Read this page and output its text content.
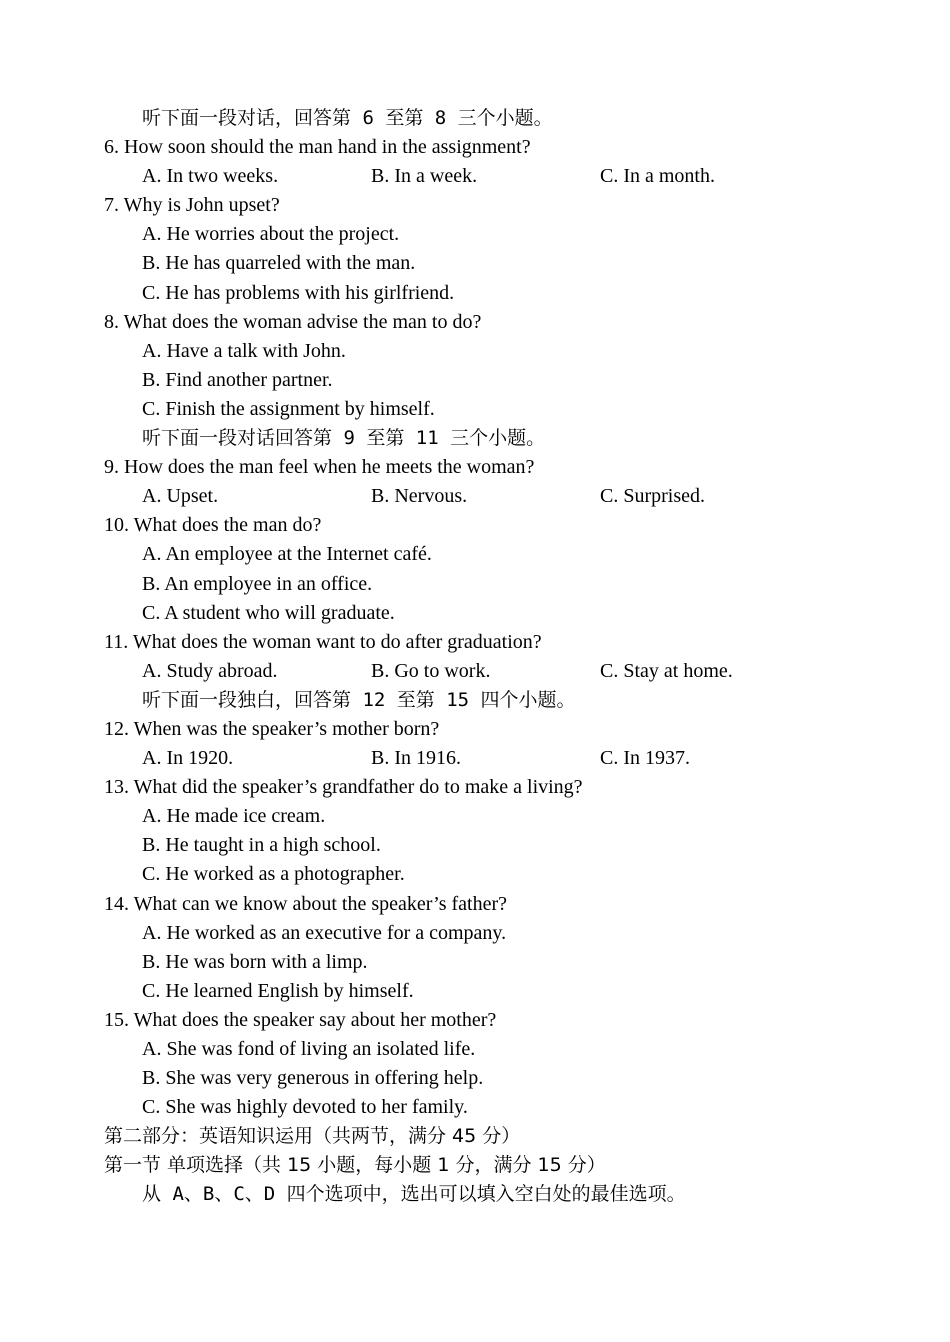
听下面一段对话，回答第 6 至第 8 三个小题。
6. How soon should the man hand in the assignment?
A. In two weeks.	B. In a week.	C. In a month.
7. Why is John upset?
A. He worries about the project.
B. He has quarreled with the man.
C. He has problems with his girlfriend.
8. What does the woman advise the man to do?
A. Have a talk with John.
B. Find another partner.
C. Finish the assignment by himself.
听下面一段对话回答第 9 至第 11 三个小题。
9. How does the man feel when he meets the woman?
A. Upset.	B. Nervous.	C. Surprised.
10. What does the man do?
A. An employee at the Internet café.
B. An employee in an office.
C. A student who will graduate.
11. What does the woman want to do after graduation?
A. Study abroad.	B. Go to work.	C. Stay at home.
听下面一段独白，回答第 12 至第 15 四个小题。
12. When was the speaker’s mother born?
A. In 1920.	B. In 1916.	C. In 1937.
13. What did the speaker’s grandfather do to make a living?
A. He made ice cream.
B. He taught in a high school.
C. He worked as a photographer.
14. What can we know about the speaker’s father?
A. He worked as an executive for a company.
B. He was born with a limp.
C. He learned English by himself.
15. What does the speaker say about her mother?
A. She was fond of living an isolated life.
B. She was very generous in offering help.
C. She was highly devoted to her family.
第二部分：英语知识运用（共两节，满分 45 分）
第一节 单项选择（共 15 小题，每小题 1 分，满分 15 分）
从 A、B、C、D 四个选项中，选出可以填入空白处的最佳选项。
